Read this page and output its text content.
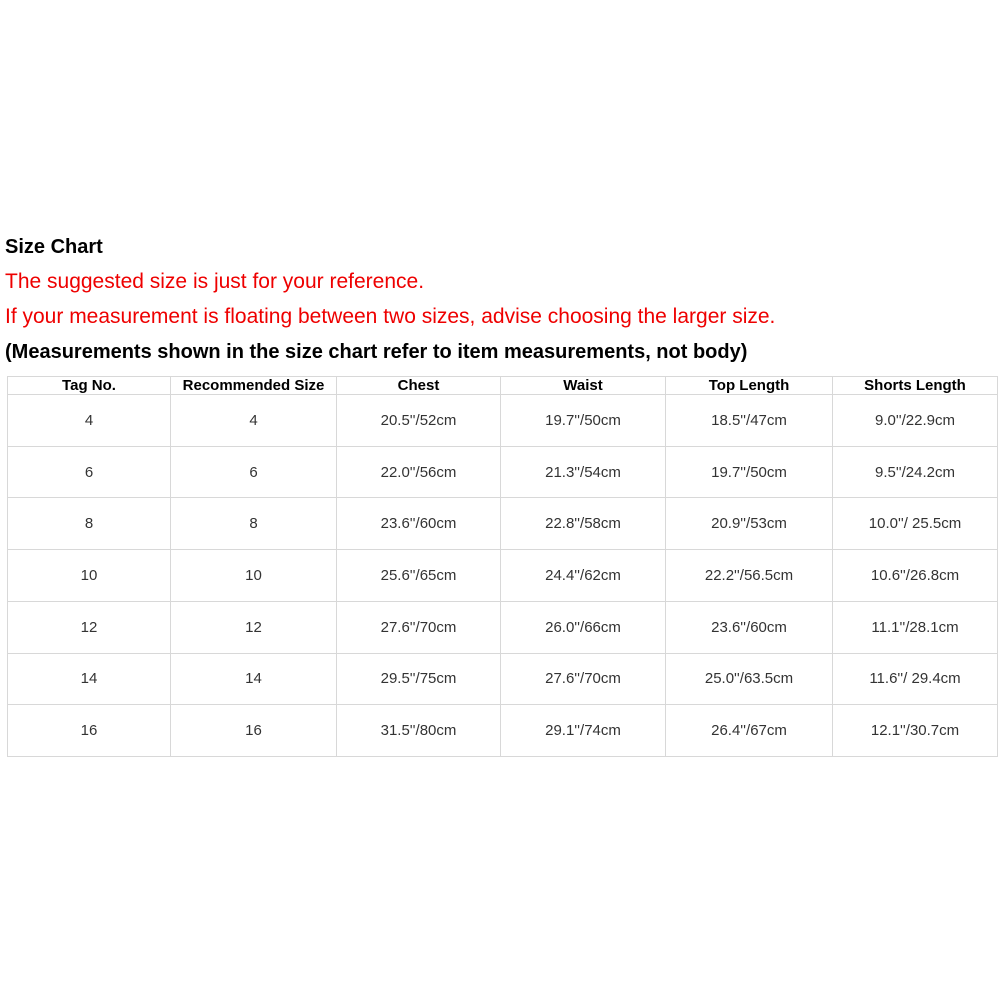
Size Chart

The suggested size is just for your reference.

If your measurement is floating between two sizes, advise choosing the larger size.

(Measurements shown in the size chart refer to item measurements, not body)

Tag No.	Recommended Size	Chest	Waist	Top Length	Shorts Length
4	4	20.5''/52cm	19.7''/50cm	18.5''/47cm	9.0''/22.9cm
6	6	22.0''/56cm	21.3''/54cm	19.7''/50cm	9.5''/24.2cm
8	8	23.6''/60cm	22.8''/58cm	20.9''/53cm	10.0''/ 25.5cm
10	10	25.6''/65cm	24.4''/62cm	22.2''/56.5cm	10.6''/26.8cm
12	12	27.6''/70cm	26.0''/66cm	23.6''/60cm	11.1''/28.1cm
14	14	29.5''/75cm	27.6''/70cm	25.0''/63.5cm	11.6''/ 29.4cm
16	16	31.5''/80cm	29.1''/74cm	26.4''/67cm	12.1''/30.7cm
